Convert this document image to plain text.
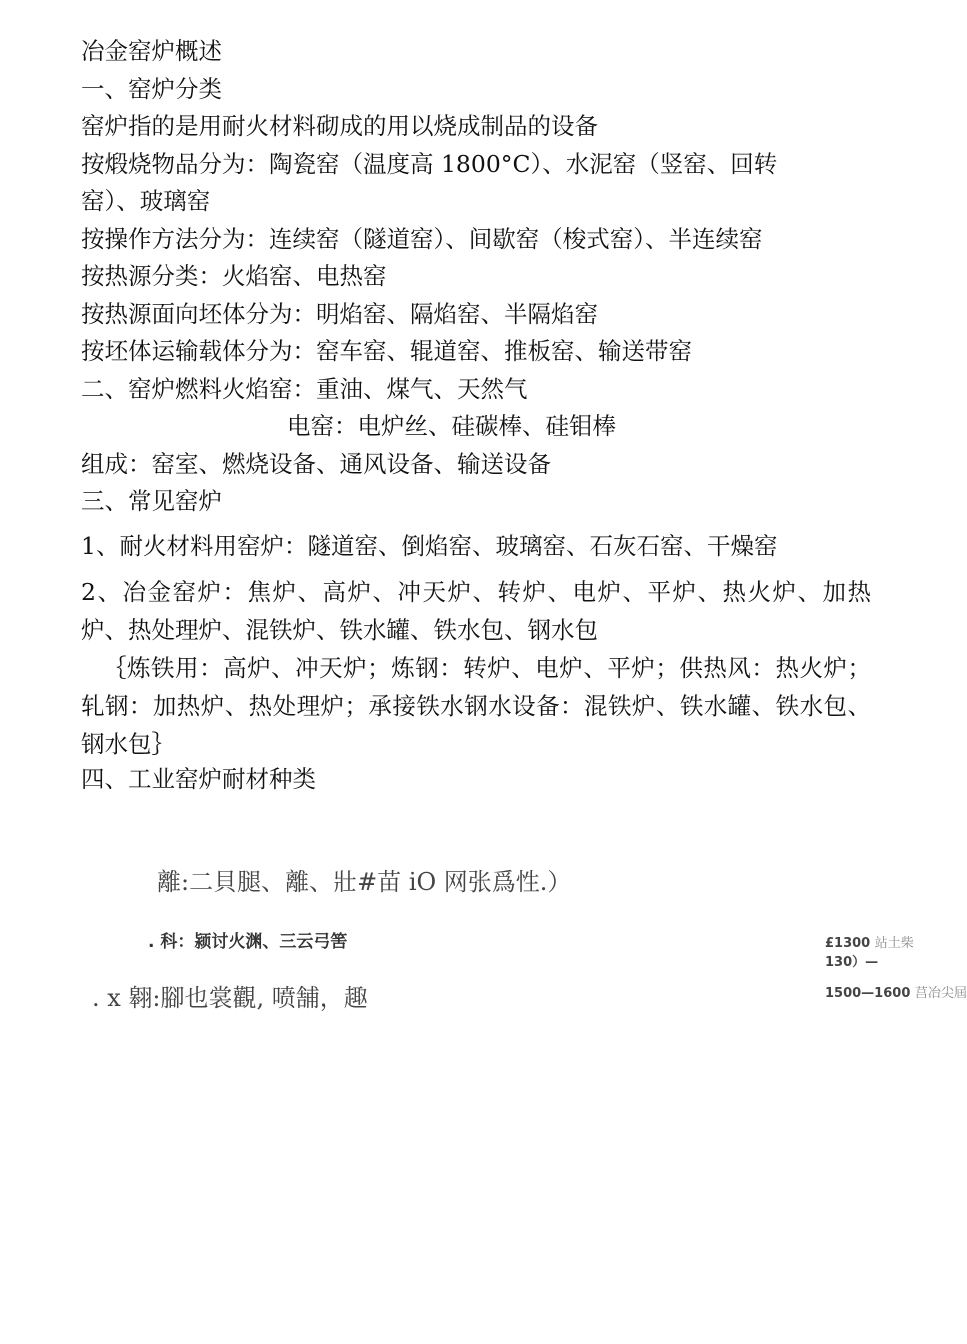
冶金窑炉概述
一、窑炉分类
窑炉指的是用耐火材料砌成的用以烧成制品的设备
按煅烧物品分为：陶瓷窑（温度高 1800°C）、水泥窑（竖窑、回转
窑）、玻璃窑
按操作方法分为：连续窑（隧道窑）、间歇窑（梭式窑）、半连续窑
按热源分类：火焰窑、电热窑
按热源面向坯体分为：明焰窑、隔焰窑、半隔焰窑
按坯体运输载体分为：窑车窑、辊道窑、推板窑、输送带窑
二、窑炉燃料火焰窑：重油、煤气、天然气
电窑：电炉丝、硅碳棒、硅钼棒
组成：窑室、燃烧设备、通风设备、输送设备
三、常见窑炉
1、耐火材料用窑炉：隧道窑、倒焰窑、玻璃窑、石灰石窑、干燥窑
2、冶金窑炉：焦炉、高炉、冲天炉、转炉、电炉、平炉、热火炉、加热炉、热处理炉、混铁炉、铁水罐、铁水包、钢水包
｛炼铁用：高炉、冲天炉；炼钢：转炉、电炉、平炉；供热风：热火炉；轧钢：加热炉、热处理炉；承接铁水钢水设备：混铁炉、铁水罐、铁水包、钢水包｝
四、工业窑炉耐材种类
離:二貝腿、離、壯#苗 iO 网张爲性.）
. 科：颍讨火渊、三云弓筈
. x 翱:腳也裳觀, 喷舗，趣
£1300 站土柴
130）—
1500—1600 莒冶尖屆
